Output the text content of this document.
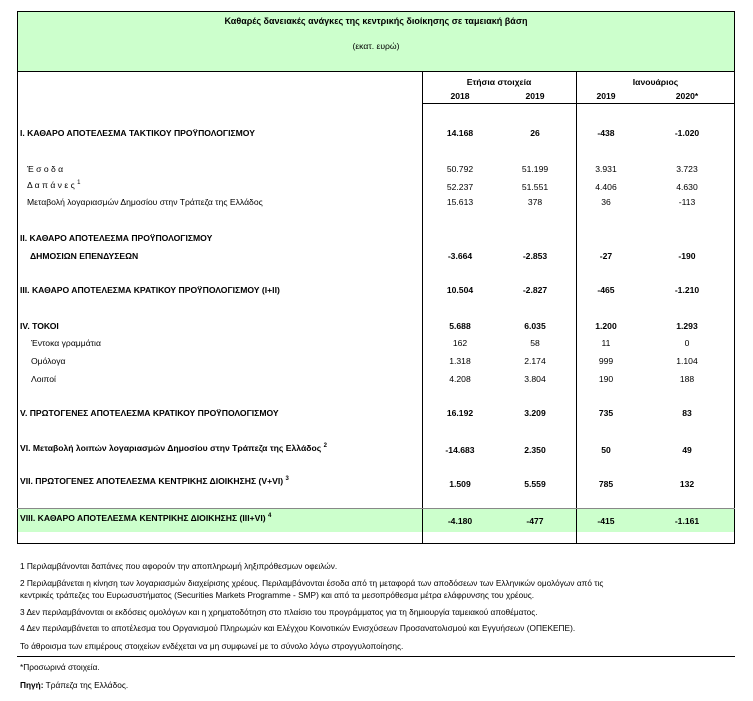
Καθαρές δανειακές ανάγκες της κεντρικής διοίκησης σε ταμειακή βάση
(εκατ. ευρώ)
Ετήσια στοιχεία	Ιανουάριος
2018	2019	2019	2020*
I. ΚΑΘΑΡΟ ΑΠΟΤΕΛΕΣΜΑ ΤΑΚΤΙΚΟΥ ΠΡΟΫΠΟΛΟΓΙΣΜΟΥ	14.168	26	-438	-1.020
Έ σ ο δ α	50.792	51.199	3.931	3.723
Δ α π ά ν ε ς $^1$	52.237	51.551	4.406	4.630
Μεταβολή λογαριασμών Δημοσίου στην Τράπεζα της Ελλάδος	15.613	378	36	-113
II. ΚΑΘΑΡΟ ΑΠΟΤΕΛΕΣΜΑ ΠΡΟΫΠΟΛΟΓΙΣΜΟΥ
ΔΗΜΟΣΙΩΝ ΕΠΕΝΔΥΣΕΩΝ	-3.664	-2.853	-27	-190
III. ΚΑΘΑΡΟ ΑΠΟΤΕΛΕΣΜΑ ΚΡΑΤΙΚΟΥ ΠΡΟΫΠΟΛΟΓΙΣΜΟΥ (I+II)	10.504	-2.827	-465	-1.210
IV. ΤΟΚΟΙ	5.688	6.035	1.200	1.293
Έντοκα γραμμάτια	162	58	11	0
Ομόλογα	1.318	2.174	999	1.104
Λοιποί	4.208	3.804	190	188
V. ΠΡΩΤΟΓΕΝΕΣ ΑΠΟΤΕΛΕΣΜΑ ΚΡΑΤΙΚΟΥ ΠΡΟΫΠΟΛΟΓΙΣΜΟΥ	16.192	3.209	735	83
VI. Μεταβολή λοιπών λογαριασμών Δημοσίου στην Τράπεζα της Ελλάδος $^2$	-14.683	2.350	50	49
VII. ΠΡΩΤΟΓΕΝΕΣ ΑΠΟΤΕΛΕΣΜΑ ΚΕΝΤΡΙΚΗΣ ΔΙΟΙΚΗΣΗΣ (V+VI) $^3$	1.509	5.559	785	132
VIII. ΚΑΘΑΡΟ ΑΠΟΤΕΛΕΣΜΑ ΚΕΝΤΡΙΚΗΣ ΔΙΟΙΚΗΣΗΣ (III+VI) $^4$	-4.180	-477	-415	-1.161
1 Περιλαμβάνονται δαπάνες που αφορούν την αποπληρωμή ληξιπρόθεσμων οφειλών.
2 Περιλαμβάνεται η κίνηση των λογαριασμών διαχείρισης χρέους. Περιλαμβάνονται έσοδα από τη μεταφορά των αποδόσεων των Ελληνικών ομολόγων από τις
κεντρικές τράπεζες του Ευρωσυστήματος (Securities Markets Programme - SMP) και από τα μεσοπρόθεσμα μέτρα ελάφρυνσης του χρέους.
3 Δεν περιλαμβάνονται οι εκδόσεις ομολόγων και η χρηματοδότηση στο πλαίσιο του προγράμματος για τη δημιουργία ταμειακού αποθέματος.
4 Δεν περιλαμβάνεται το αποτέλεσμα του Οργανισμού Πληρωμών και Ελέγχου Κοινοτικών Ενισχύσεων Προσανατολισμού και Εγγυήσεων (ΟΠΕΚΕΠΕ).
Το άθροισμα των επιμέρους στοιχείων ενδέχεται να μη συμφωνεί με το σύνολο λόγω στρογγυλοποίησης.
*Προσωρινά στοιχεία.
Πηγή: Τράπεζα της Ελλάδος.
